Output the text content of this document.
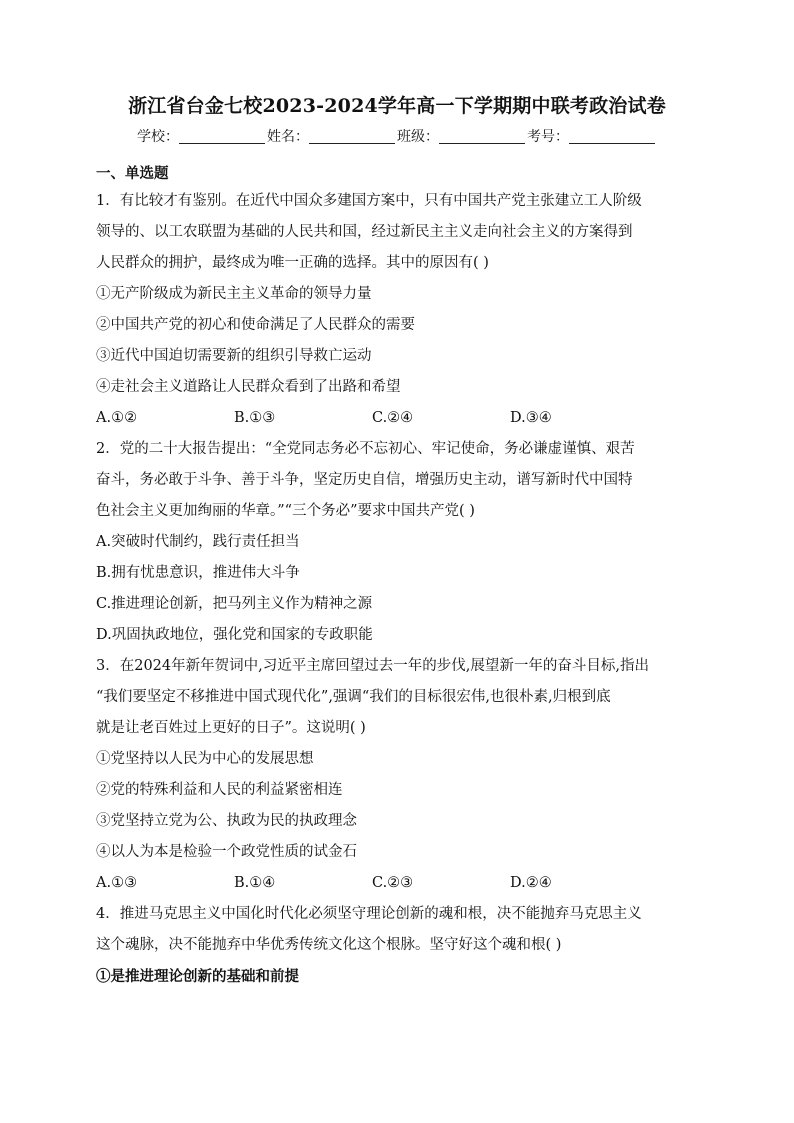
浙江省台金七校2023-2024学年高一下学期期中联考政治试卷
学校：	姓名：	班级：	考号：
一、单选题
1．有比较才有鉴别。在近代中国众多建国方案中，只有中国共产党主张建立工人阶级
领导的、以工农联盟为基础的人民共和国，经过新民主主义走向社会主义的方案得到
人民群众的拥护，最终成为唯一正确的选择。其中的原因有( )
①无产阶级成为新民主主义革命的领导力量
②中国共产党的初心和使命满足了人民群众的需要
③近代中国迫切需要新的组织引导救亡运动
④走社会主义道路让人民群众看到了出路和希望
A.①②	B.①③	C.②④	D.③④
2．党的二十大报告提出：“全党同志务必不忘初心、牢记使命，务必谦虚谨慎、艰苦
奋斗，务必敢于斗争、善于斗争，坚定历史自信，增强历史主动，谱写新时代中国特
色社会主义更加绚丽的华章。”“三个务必”要求中国共产党( )
A.突破时代制约，践行责任担当
B.拥有忧患意识，推进伟大斗争
C.推进理论创新，把马列主义作为精神之源
D.巩固执政地位，强化党和国家的专政职能
3．在2024年新年贺词中,习近平主席回望过去一年的步伐,展望新一年的奋斗目标,指出
“我们要坚定不移推进中国式现代化”,强调“我们的目标很宏伟,也很朴素,归根到底
就是让老百姓过上更好的日子”。这说明( )
①党坚持以人民为中心的发展思想
②党的特殊利益和人民的利益紧密相连
③党坚持立党为公、执政为民的执政理念
④以人为本是检验一个政党性质的试金石
A.①③	B.①④	C.②③	D.②④
4．推进马克思主义中国化时代化必须坚守理论创新的魂和根，决不能抛弃马克思主义
这个魂脉，决不能抛弃中华优秀传统文化这个根脉。坚守好这个魂和根( )
①是推进理论创新的基础和前提
